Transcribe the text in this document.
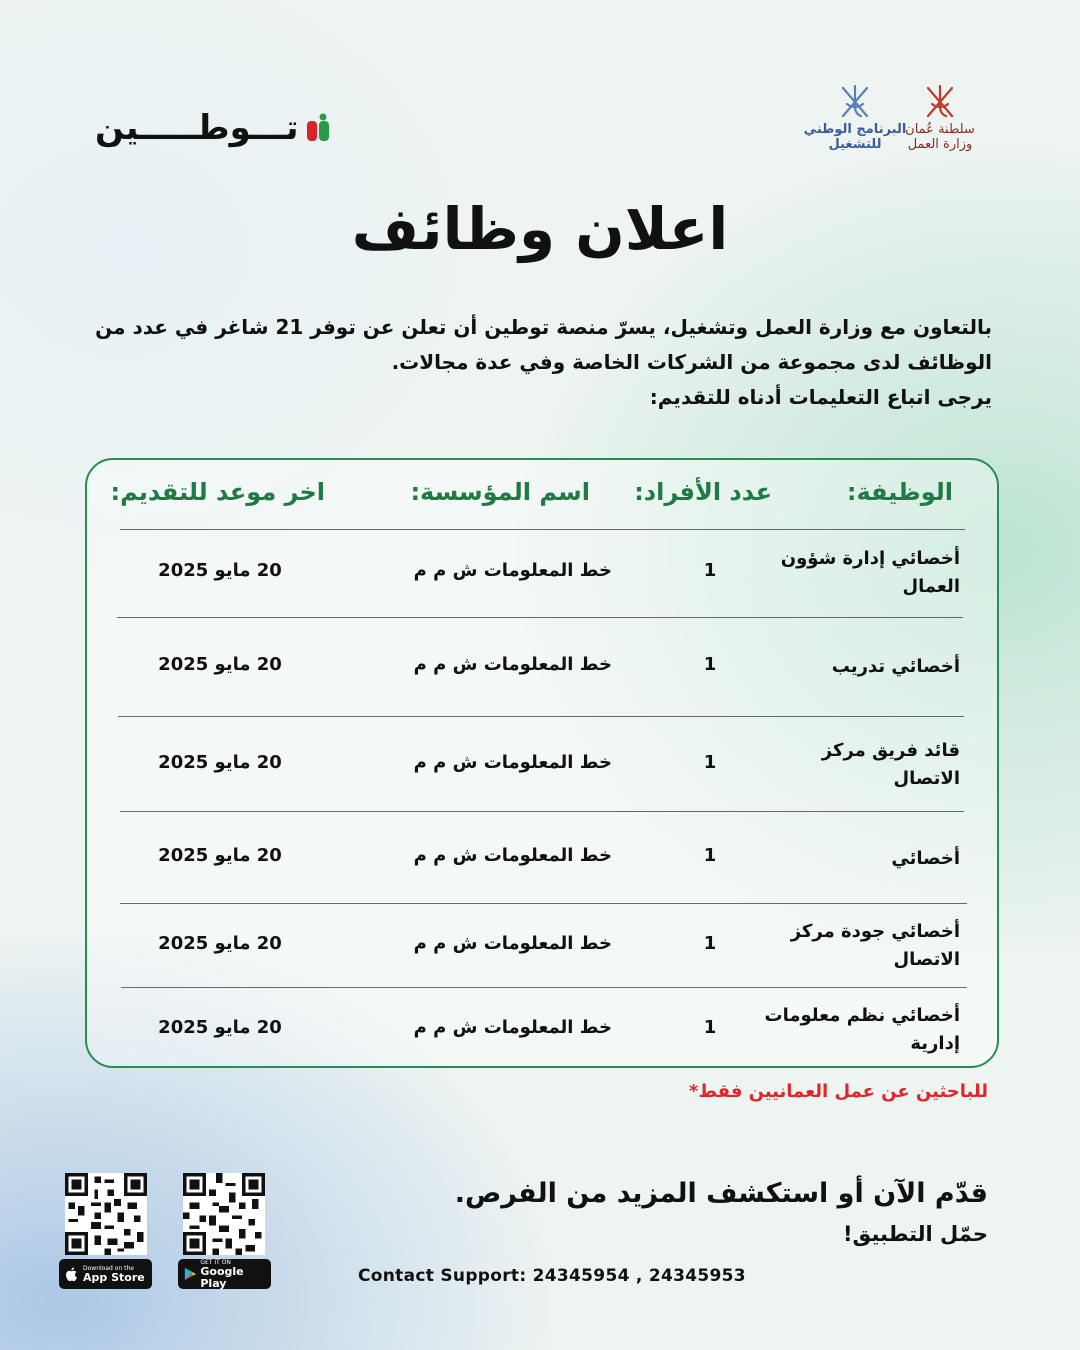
تـــوطـــــين	البرنامج الوطني
للتشغيل
سلطنة عُمان وزارة العمل
اعلان وظائف
بالتعاون مع وزارة العمل وتشغيل، يسرّ منصة توطين أن تعلن عن توفر 21 شاغر في عدد من
الوظائف لدى مجموعة من الشركات الخاصة وفي عدة مجالات.
يرجى اتباع التعليمات أدناه للتقديم:
الوظيفة:
عدد الأفراد:
اسم المؤسسة:
اخر موعد للتقديم:
أخصائي إدارة شؤون العمال
1
خط المعلومات ش م م
20 مايو 2025
أخصائي تدريب
1
خط المعلومات ش م م
20 مايو 2025
قائد فريق مركز الاتصال
1
خط المعلومات ش م م
20 مايو 2025
أخصائي
1
خط المعلومات ش م م
20 مايو 2025
أخصائي جودة مركز الاتصال
1
خط المعلومات ش م م
20 مايو 2025
أخصائي نظم معلومات إدارية
1
خط المعلومات ش م م
20 مايو 2025
للباحثين عن عمل العمانيين فقط*
قدّم الآن أو استكشف المزيد من الفرص.
حمّل التطبيق!
Contact Support: 24345954 , 24345953
Download on the
App Store
GET IT ON
Google Play
